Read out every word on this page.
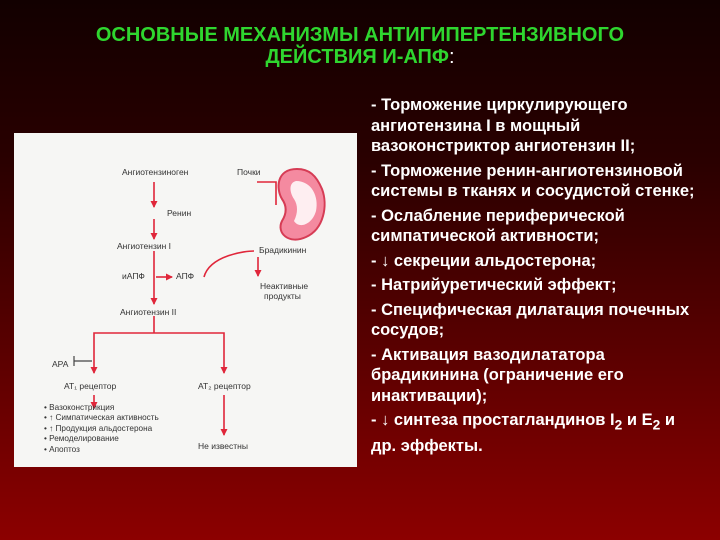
ОСНОВНЫЕ МЕХАНИЗМЫ АНТИГИПЕРТЕНЗИВНОГО
ДЕЙСТВИЯ И-АПФ:
- Торможение циркулирующего ангиотензина I в мощный вазоконстриктор ангиотензин II;
- Торможение ренин-ангиотензиновой системы в тканях и сосудистой стенке;
- Ослабление периферической симпатической активности;
- ↓ секреции альдостерона;
- Натрийуретический эффект;
- Специфическая дилатация почечных сосудов;
- Активация вазодилататора брадикинина (ограничение его инактивации);
- ↓ синтеза простагландинов $I_2$ и $Е_2$ и др. эффекты.
Ангиотензиноген	Почки
Ренин
Ангиотензин I	Брадикинин
иАПФ	АПФ
Неактивные
продукты
Ангиотензин II
АРА
АТ₁ рецептор	АТ₂ рецептор
Не известны
• Вазоконстрикция
• ↑ Симпатическая активность
• ↑ Продукция альдостерона
• Ремоделирование
• Апоптоз
